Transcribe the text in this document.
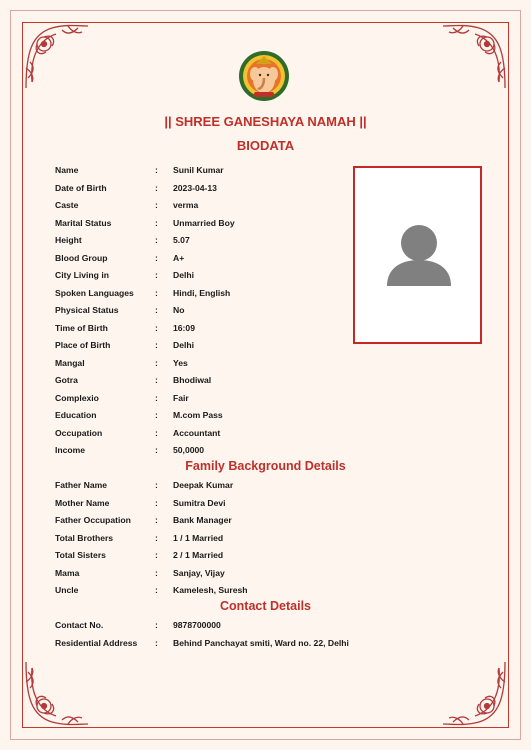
|| SHREE GANESHAYA NAMAH ||
BIODATA
Name	:	Sunil Kumar
Date of Birth	:	2023-04-13
Caste	:	verma
Marital Status	:	Unmarried Boy
Height	:	5.07
Blood Group	:	A+
City Living in	:	Delhi
Spoken Languages	:	Hindi, English
Physical Status	:	No
Time of Birth	:	16:09
Place of Birth	:	Delhi
Mangal	:	Yes
Gotra	:	Bhodiwal
Complexio	:	Fair
Education	:	M.com Pass
Occupation	:	Accountant
Income	:	50,0000
Family Background Details
Father Name	:	Deepak Kumar
Mother Name	:	Sumitra Devi
Father Occupation	:	Bank Manager
Total Brothers	:	1 / 1 Married
Total Sisters	:	2 / 1 Married
Mama	:	Sanjay, Vijay
Uncle	:	Kamelesh, Suresh
Contact Details
Contact No.	:	9878700000
Residential Address	:	Behind Panchayat smiti, Ward no. 22, Delhi
